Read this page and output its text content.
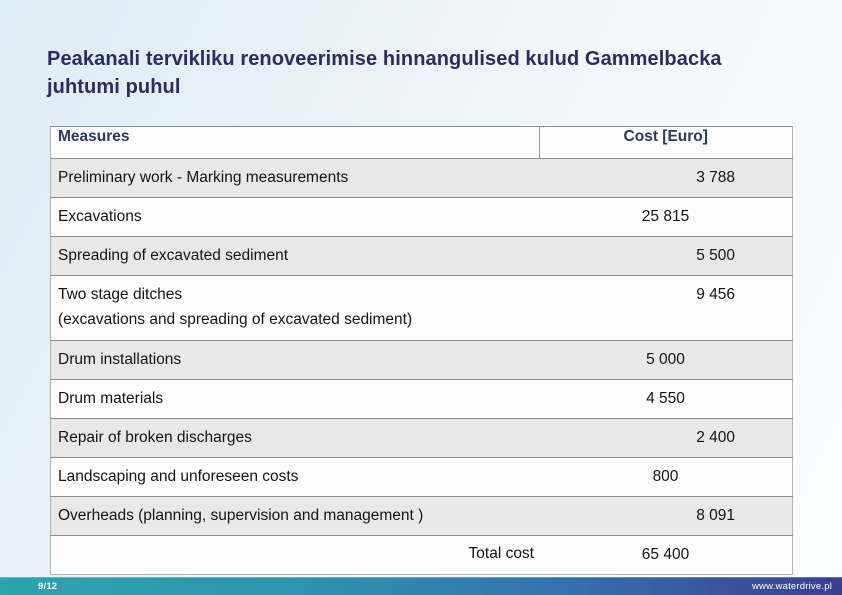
Peakanali tervikliku renoveerimise hinnangulised kulud Gammelbacka
juhtumi puhul
Measures	Cost [Euro]

Preliminary work - Marking measurements	3 788

Excavations	25 815

Spreading of excavated sediment	5 500

Two stage ditches
(excavations and spreading of excavated sediment)	9 456

Drum installations	5 000

Drum materials	4 550

Repair of broken discharges	2 400

Landscaping and unforeseen costs	800

Overheads (planning, supervision and management )	8 091
Total cost	65 400
9/12	www.waterdrive.pl
